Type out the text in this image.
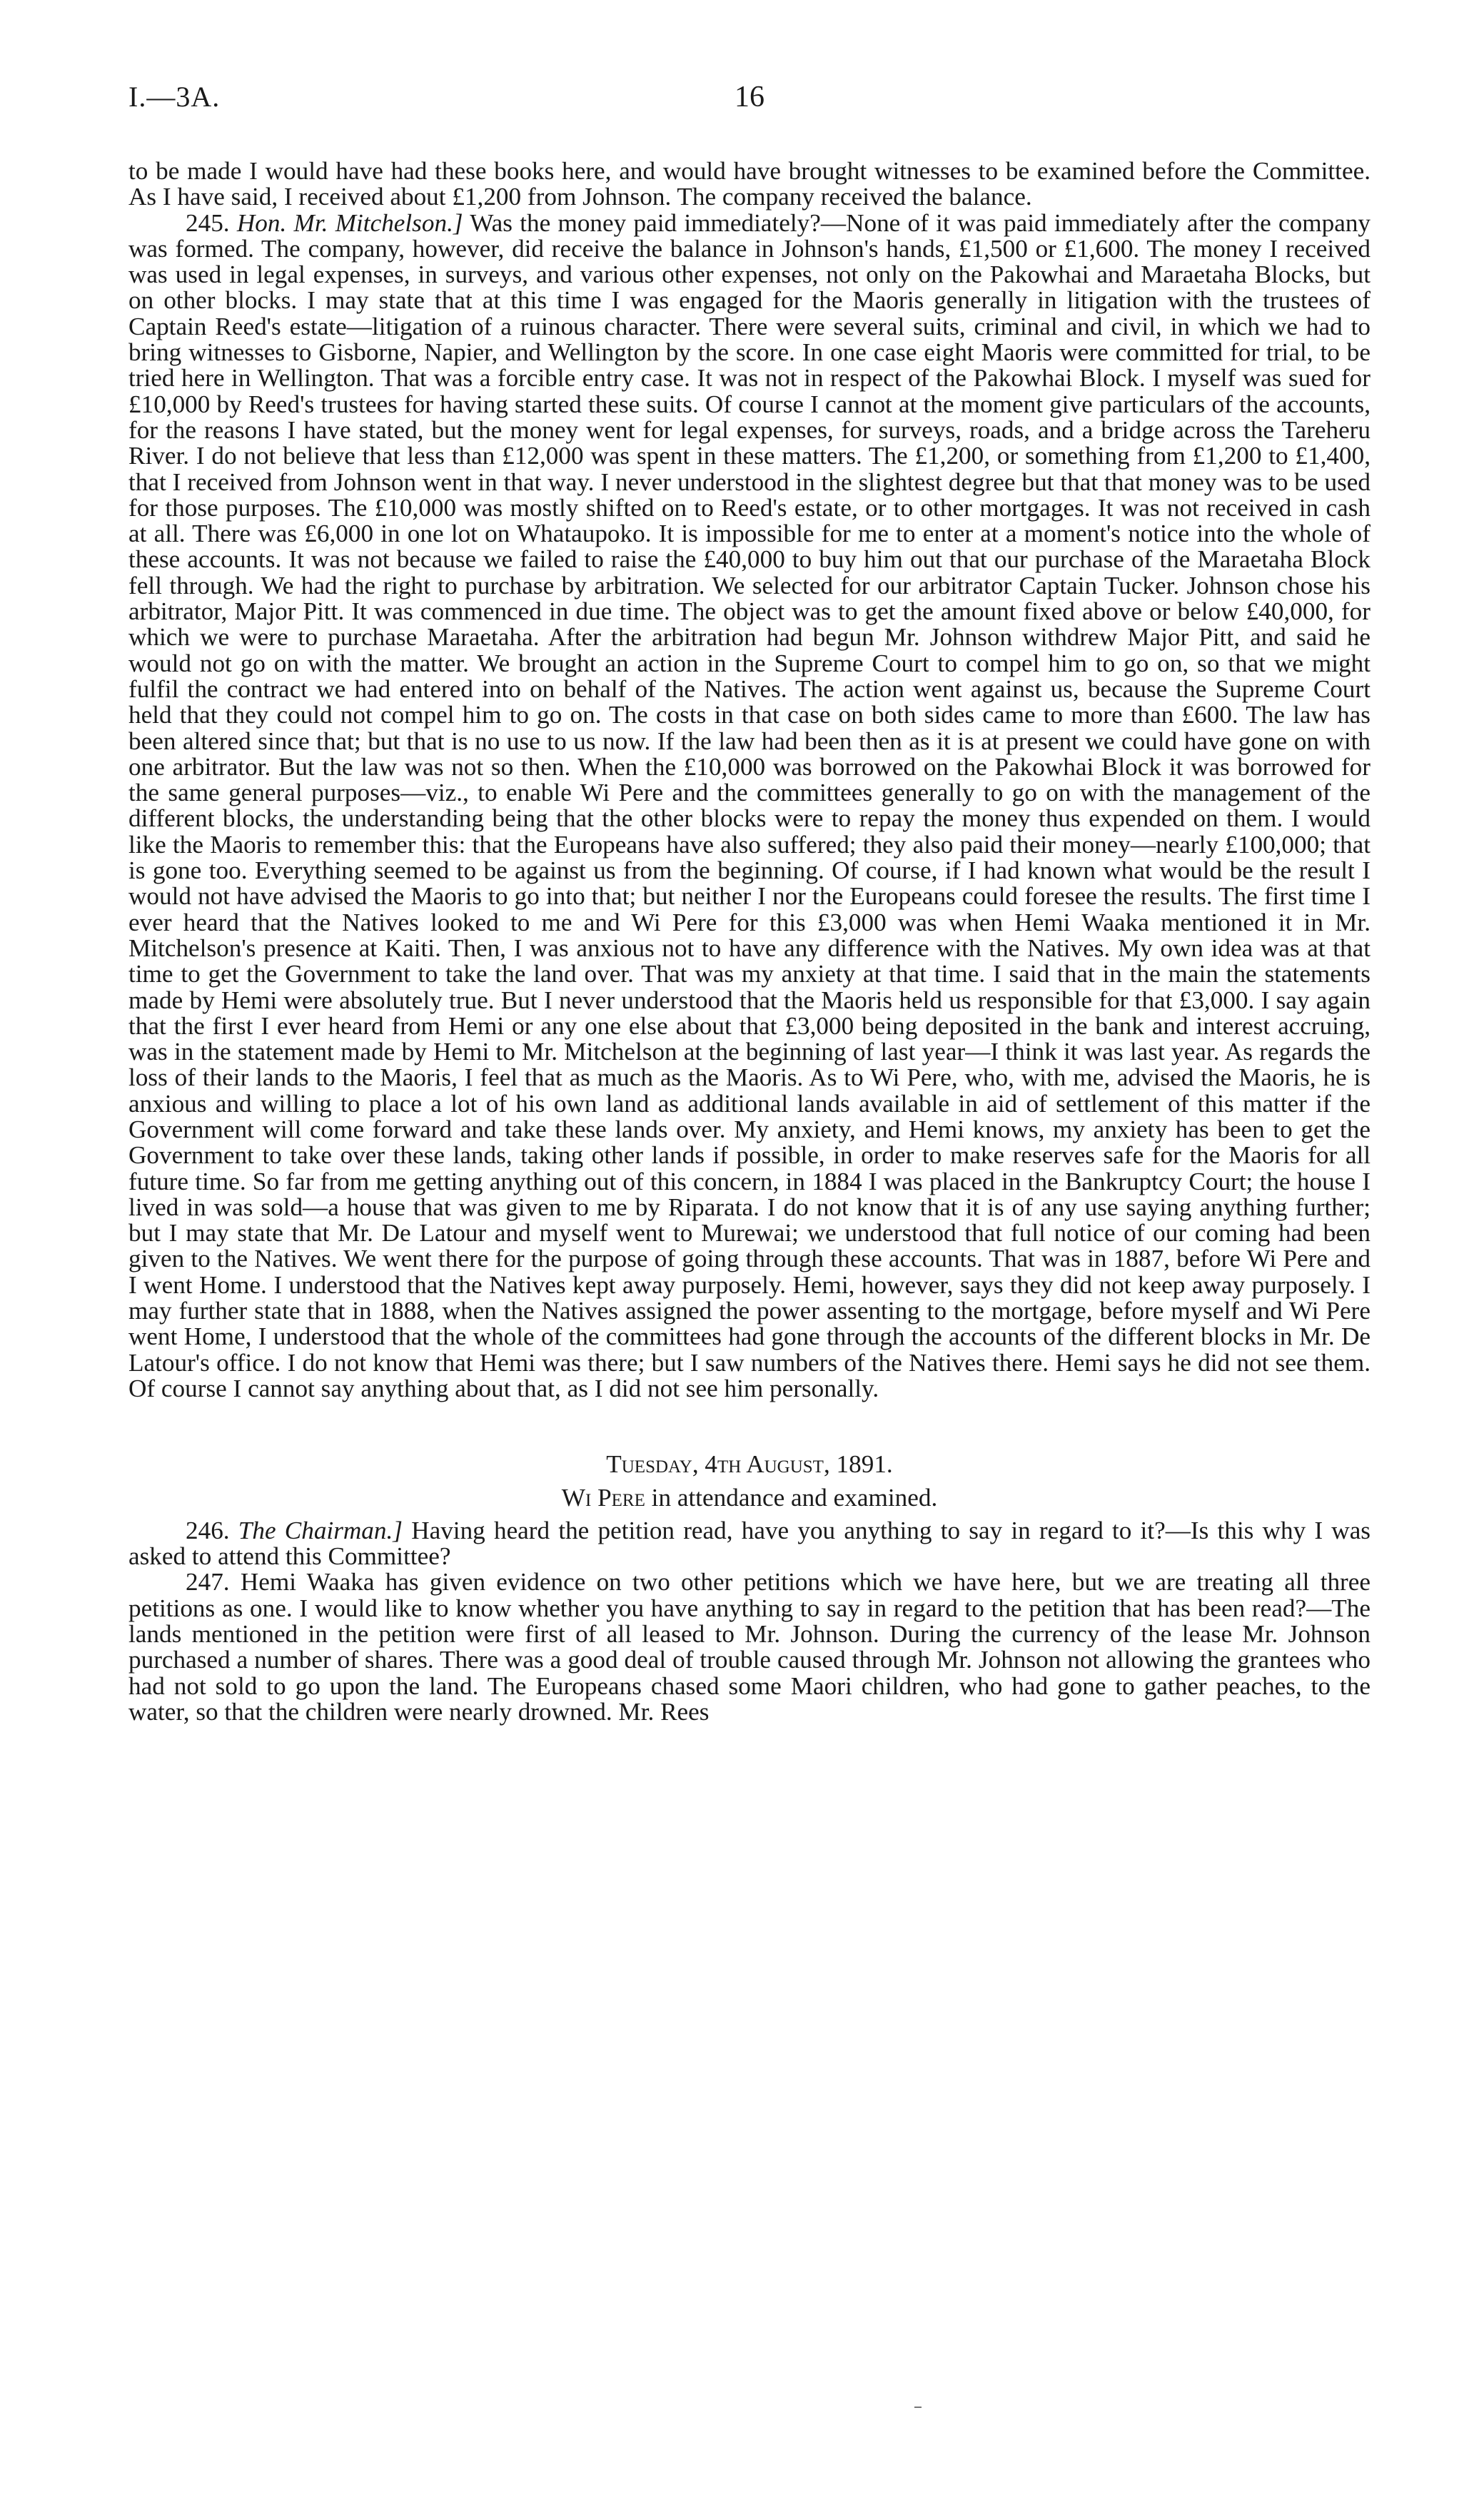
I.—3A.	16

to be made I would have had these books here, and would have brought witnesses to be examined before the Committee. As I have said, I received about £1,200 from Johnson. The company received the balance.

245. Hon. Mr. Mitchelson.] Was the money paid immediately?—None of it was paid immediately after the company was formed. The company, however, did receive the balance in Johnson's hands, £1,500 or £1,600. The money I received was used in legal expenses, in surveys, and various other expenses, not only on the Pakowhai and Maraetaha Blocks, but on other blocks. I may state that at this time I was engaged for the Maoris generally in litigation with the trustees of Captain Reed's estate—litigation of a ruinous character. There were several suits, criminal and civil, in which we had to bring witnesses to Gisborne, Napier, and Wellington by the score. In one case eight Maoris were committed for trial, to be tried here in Wellington. That was a forcible entry case. It was not in respect of the Pakowhai Block. I myself was sued for £10,000 by Reed's trustees for having started these suits. Of course I cannot at the moment give particulars of the accounts, for the reasons I have stated, but the money went for legal expenses, for surveys, roads, and a bridge across the Tareheru River. I do not believe that less than £12,000 was spent in these matters. The £1,200, or something from £1,200 to £1,400, that I received from Johnson went in that way. I never understood in the slightest degree but that that money was to be used for those purposes. The £10,000 was mostly shifted on to Reed's estate, or to other mortgages. It was not received in cash at all. There was £6,000 in one lot on Whataupoko. It is impossible for me to enter at a moment's notice into the whole of these accounts. It was not because we failed to raise the £40,000 to buy him out that our purchase of the Maraetaha Block fell through. We had the right to purchase by arbitration. We selected for our arbitrator Captain Tucker. Johnson chose his arbitrator, Major Pitt. It was commenced in due time. The object was to get the amount fixed above or below £40,000, for which we were to purchase Maraetaha. After the arbitration had begun Mr. Johnson withdrew Major Pitt, and said he would not go on with the matter. We brought an action in the Supreme Court to compel him to go on, so that we might fulfil the contract we had entered into on behalf of the Natives. The action went against us, because the Supreme Court held that they could not compel him to go on. The costs in that case on both sides came to more than £600. The law has been altered since that; but that is no use to us now. If the law had been then as it is at present we could have gone on with one arbitrator. But the law was not so then. When the £10,000 was borrowed on the Pakowhai Block it was borrowed for the same general purposes—viz., to enable Wi Pere and the committees generally to go on with the management of the different blocks, the understanding being that the other blocks were to repay the money thus expended on them. I would like the Maoris to remember this: that the Europeans have also suffered; they also paid their money—nearly £100,000; that is gone too. Everything seemed to be against us from the beginning. Of course, if I had known what would be the result I would not have advised the Maoris to go into that; but neither I nor the Europeans could foresee the results. The first time I ever heard that the Natives looked to me and Wi Pere for this £3,000 was when Hemi Waaka mentioned it in Mr. Mitchelson's presence at Kaiti. Then, I was anxious not to have any difference with the Natives. My own idea was at that time to get the Government to take the land over. That was my anxiety at that time. I said that in the main the statements made by Hemi were absolutely true. But I never understood that the Maoris held us responsible for that £3,000. I say again that the first I ever heard from Hemi or any one else about that £3,000 being deposited in the bank and interest accruing, was in the statement made by Hemi to Mr. Mitchelson at the beginning of last year—I think it was last year. As regards the loss of their lands to the Maoris, I feel that as much as the Maoris. As to Wi Pere, who, with me, advised the Maoris, he is anxious and willing to place a lot of his own land as additional lands available in aid of settlement of this matter if the Government will come forward and take these lands over. My anxiety, and Hemi knows, my anxiety has been to get the Government to take over these lands, taking other lands if possible, in order to make reserves safe for the Maoris for all future time. So far from me getting anything out of this concern, in 1884 I was placed in the Bankruptcy Court; the house I lived in was sold—a house that was given to me by Riparata. I do not know that it is of any use saying anything further; but I may state that Mr. De Latour and myself went to Murewai; we understood that full notice of our coming had been given to the Natives. We went there for the purpose of going through these accounts. That was in 1887, before Wi Pere and I went Home. I understood that the Natives kept away purposely. Hemi, however, says they did not keep away purposely. I may further state that in 1888, when the Natives assigned the power assenting to the mortgage, before myself and Wi Pere went Home, I understood that the whole of the committees had gone through the accounts of the different blocks in Mr. De Latour's office. I do not know that Hemi was there; but I saw numbers of the Natives there. Hemi says he did not see them. Of course I cannot say anything about that, as I did not see him personally.

Tuesday, 4th August, 1891.

Wi Pere in attendance and examined.

246. The Chairman.] Having heard the petition read, have you anything to say in regard to it?—Is this why I was asked to attend this Committee?

247. Hemi Waaka has given evidence on two other petitions which we have here, but we are treating all three petitions as one. I would like to know whether you have anything to say in regard to the petition that has been read?—The lands mentioned in the petition were first of all leased to Mr. Johnson. During the currency of the lease Mr. Johnson purchased a number of shares. There was a good deal of trouble caused through Mr. Johnson not allowing the grantees who had not sold to go upon the land. The Europeans chased some Maori children, who had gone to gather peaches, to the water, so that the children were nearly drowned. Mr. Rees
